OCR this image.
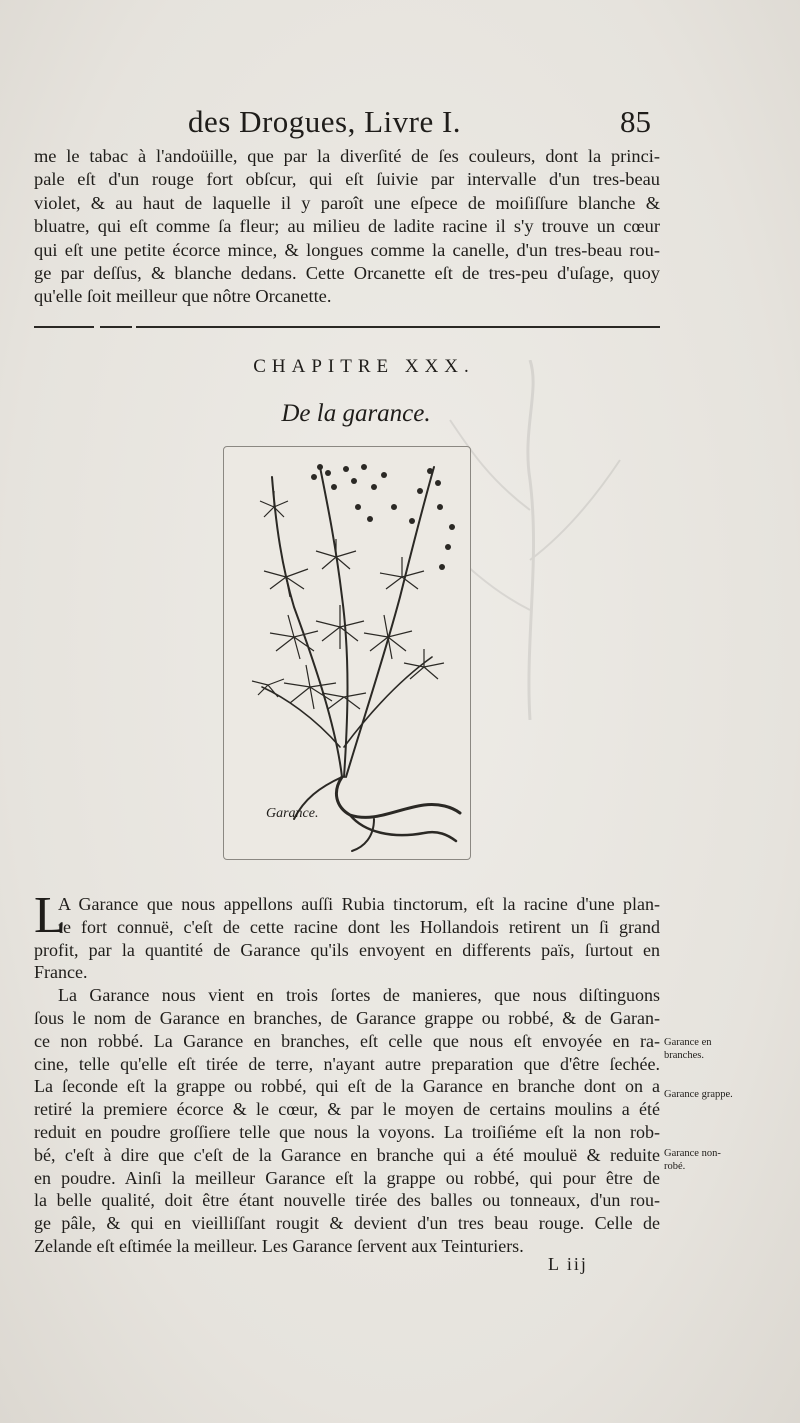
des Drogues, Livre I.	85
me le tabac à l'andoüille, que par la diverſité de ſes couleurs, dont la princi-
pale eſt d'un rouge fort obſcur, qui eſt ſuivie par intervalle d'un tres-beau
violet, & au haut de laquelle il y paroît une eſpece de moiſiſſure blanche &
bluatre, qui eſt comme ſa fleur; au milieu de ladite racine il s'y trouve un cœur
qui eſt une petite écorce mince, & longues comme la canelle, d'un tres-beau rou-
ge par deſſus, & blanche dedans. Cette Orcanette eſt de tres-peu d'uſage, quoy
qu'elle ſoit meilleur que nôtre Orcanette.
CHAPITRE XXX.
De la garance.
Garance.
L
A Garance que nous appellons auſſi Rubia tinctorum, eſt la racine d'une plan-
te fort connuë, c'eſt de cette racine dont les Hollandois retirent un ſi grand
profit, par la quantité de Garance qu'ils envoyent en differents païs, ſurtout en
France.
La Garance nous vient en trois ſortes de manieres, que nous diſtinguons
ſous le nom de Garance en branches, de Garance grappe ou robbé, & de Garan-
ce non robbé. La Garance en branches, eſt celle que nous eſt envoyée en ra-
cine, telle qu'elle eſt tirée de terre, n'ayant autre preparation que d'être ſechée.
La ſeconde eſt la grappe ou robbé, qui eſt de la Garance en branche dont on a
retiré la premiere écorce & le cœur, & par le moyen de certains moulins a été
reduit en poudre groſſiere telle que nous la voyons. La troiſiéme eſt la non rob-
bé, c'eſt à dire que c'eſt de la Garance en branche qui a été mouluë & reduite
en poudre. Ainſi la meilleur Garance eſt la grappe ou robbé, qui pour être de
la belle qualité, doit être étant nouvelle tirée des balles ou tonneaux, d'un rou-
ge pâle, & qui en vieilliſſant rougit & devient d'un tres beau rouge. Celle de
Zelande eſt eſtimée la meilleur. Les Garance ſervent aux Teinturiers.
Garance en branches.
Garance grappe.
Garance non-robé.
L iij
